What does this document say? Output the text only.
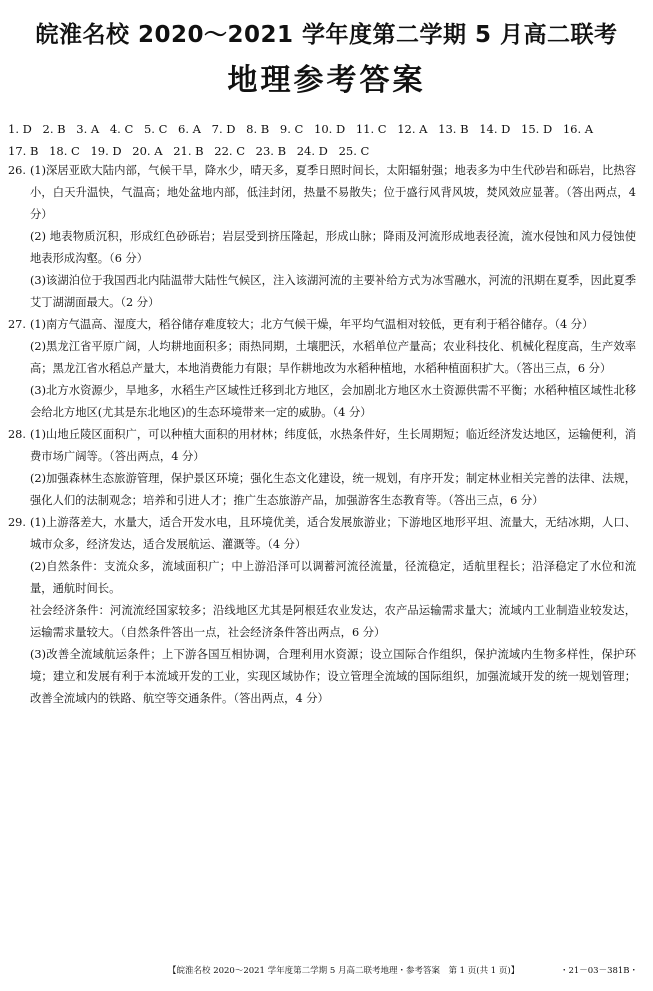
皖淮名校 2020～2021 学年度第二学期 5 月高二联考
地理参考答案
1. D 2. B 3. A 4. C 5. C 6. A 7. D 8. B 9. C 10. D 11. C 12. A 13. B 14. D 15. D 16. A
17. B 18. C 19. D 20. A 21. B 22. C 23. B 24. D 25. C
26. (1)深居亚欧大陆内部，气候干旱，降水少，晴天多，夏季日照时间长，太阳辐射强；地表多为中生代砂岩和砾岩，比热容小，白天升温快，气温高；地处盆地内部，低洼封闭，热量不易散失；位于盛行风背风坡，焚风效应显著。（答出两点，4 分）

(2) 地表物质沉积，形成红色砂砾岩；岩层受到挤压隆起，形成山脉；降雨及河流形成地表径流，流水侵蚀和风力侵蚀使地表形成沟壑。（6 分）

(3)该湖泊位于我国西北内陆温带大陆性气候区，注入该湖河流的主要补给方式为冰雪融水，河流的汛期在夏季，因此夏季艾丁湖湖面最大。（2 分）

27. (1)南方气温高、湿度大，稻谷储存难度较大；北方气候干燥，年平均气温相对较低，更有利于稻谷储存。（4 分）

(2)黑龙江省平原广阔，人均耕地面积多；雨热同期，土壤肥沃，水稻单位产量高；农业科技化、机械化程度高，生产效率高；黑龙江省水稻总产量大，本地消费能力有限；旱作耕地改为水稻种植地，水稻种植面积扩大。（答出三点，6 分）

(3)北方水资源少，旱地多，水稻生产区域性迁移到北方地区，会加剧北方地区水土资源供需不平衡；水稻种植区域性北移会给北方地区(尤其是东北地区)的生态环境带来一定的威胁。（4 分）

28. (1)山地丘陵区面积广，可以种植大面积的用材林；纬度低，水热条件好，生长周期短；临近经济发达地区，运输便利，消费市场广阔等。（答出两点，4 分）

(2)加强森林生态旅游管理，保护景区环境；强化生态文化建设，统一规划，有序开发；制定林业相关完善的法律、法规，强化人们的法制观念；培养和引进人才；推广生态旅游产品，加强游客生态教育等。（答出三点，6 分）

29. (1)上游落差大，水量大，适合开发水电，且环境优美，适合发展旅游业；下游地区地形平坦、流量大，无结冰期，人口、城市众多，经济发达，适合发展航运、灌溉等。（4 分）

(2)自然条件：支流众多，流域面积广；中上游沿泽可以调蓄河流径流量，径流稳定，适航里程长；沿泽稳定了水位和流量，通航时间长。

社会经济条件：河流流经国家较多；沿线地区尤其是阿根廷农业发达，农产品运输需求量大；流域内工业制造业较发达，运输需求量较大。（自然条件答出一点，社会经济条件答出两点，6 分）

(3)改善全流域航运条件；上下游各国互相协调，合理利用水资源；设立国际合作组织，保护流域内生物多样性，保护环境；建立和发展有利于本流域开发的工业，实现区域协作；设立管理全流域的国际组织，加强流域开发的统一规划管理；改善全流域内的铁路、航空等交通条件。（答出两点，4 分）

【皖淮名校 2020～2021 学年度第二学期 5 月高二联考地理・参考答案　第 1 页(共 1 页)】	・21－03－381B・
